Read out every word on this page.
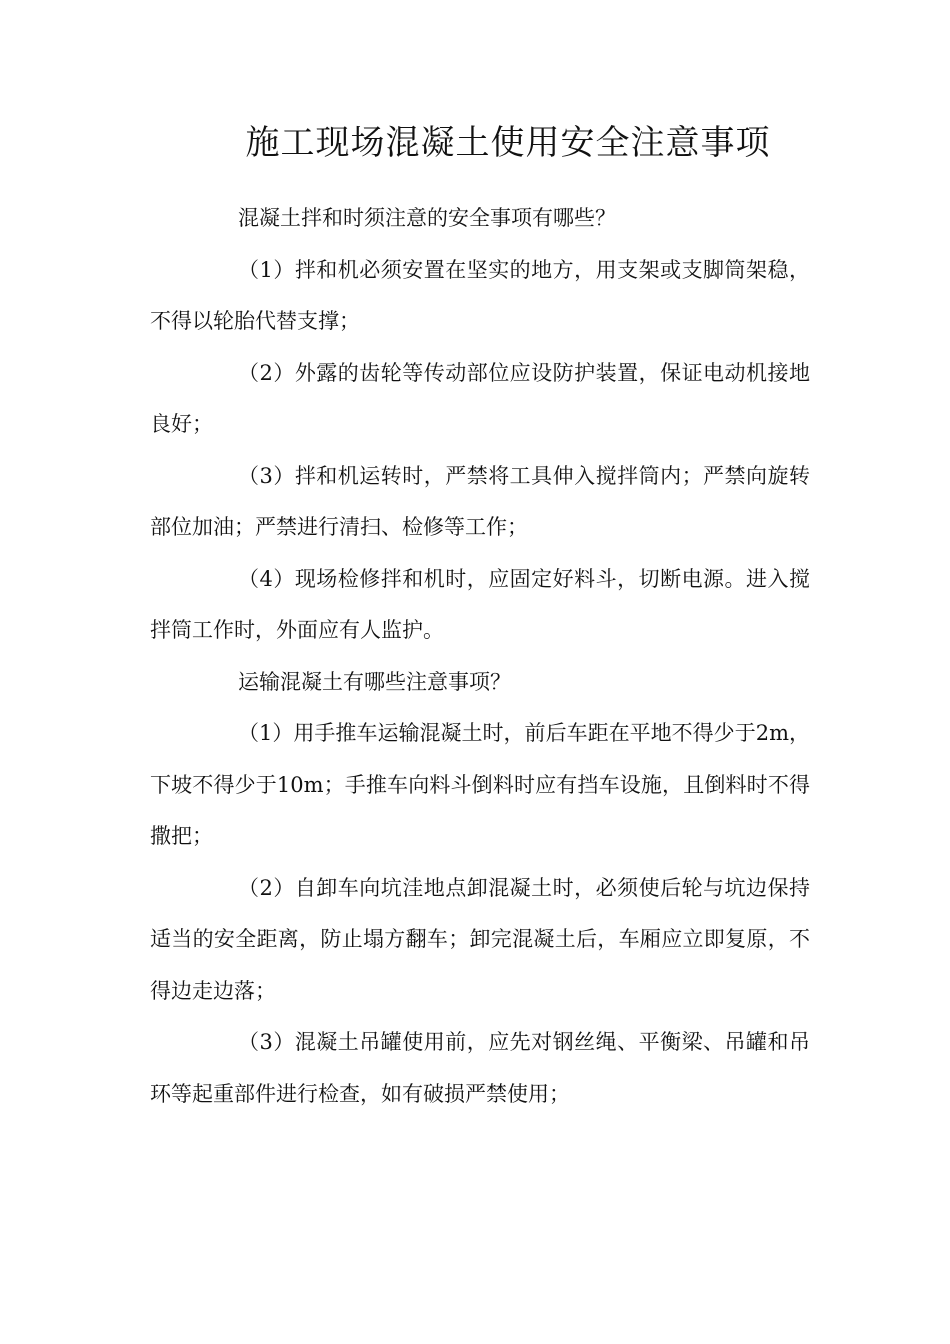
施工现场混凝土使用安全注意事项

混凝土拌和时须注意的安全事项有哪些？

（1）拌和机必须安置在坚实的地方，用支架或支脚筒架稳，不得以轮胎代替支撑；

（2）外露的齿轮等传动部位应设防护装置，保证电动机接地良好；

（3）拌和机运转时，严禁将工具伸入搅拌筒内；严禁向旋转部位加油；严禁进行清扫、检修等工作；

（4）现场检修拌和机时，应固定好料斗，切断电源。进入搅拌筒工作时，外面应有人监护。

运输混凝土有哪些注意事项？

（1）用手推车运输混凝土时，前后车距在平地不得少于2m，下坡不得少于10m；手推车向料斗倒料时应有挡车设施，且倒料时不得撒把；

（2）自卸车向坑洼地点卸混凝土时，必须使后轮与坑边保持适当的安全距离，防止塌方翻车；卸完混凝土后，车厢应立即复原，不得边走边落；

（3）混凝土吊罐使用前，应先对钢丝绳、平衡梁、吊罐和吊环等起重部件进行检查，如有破损严禁使用；
